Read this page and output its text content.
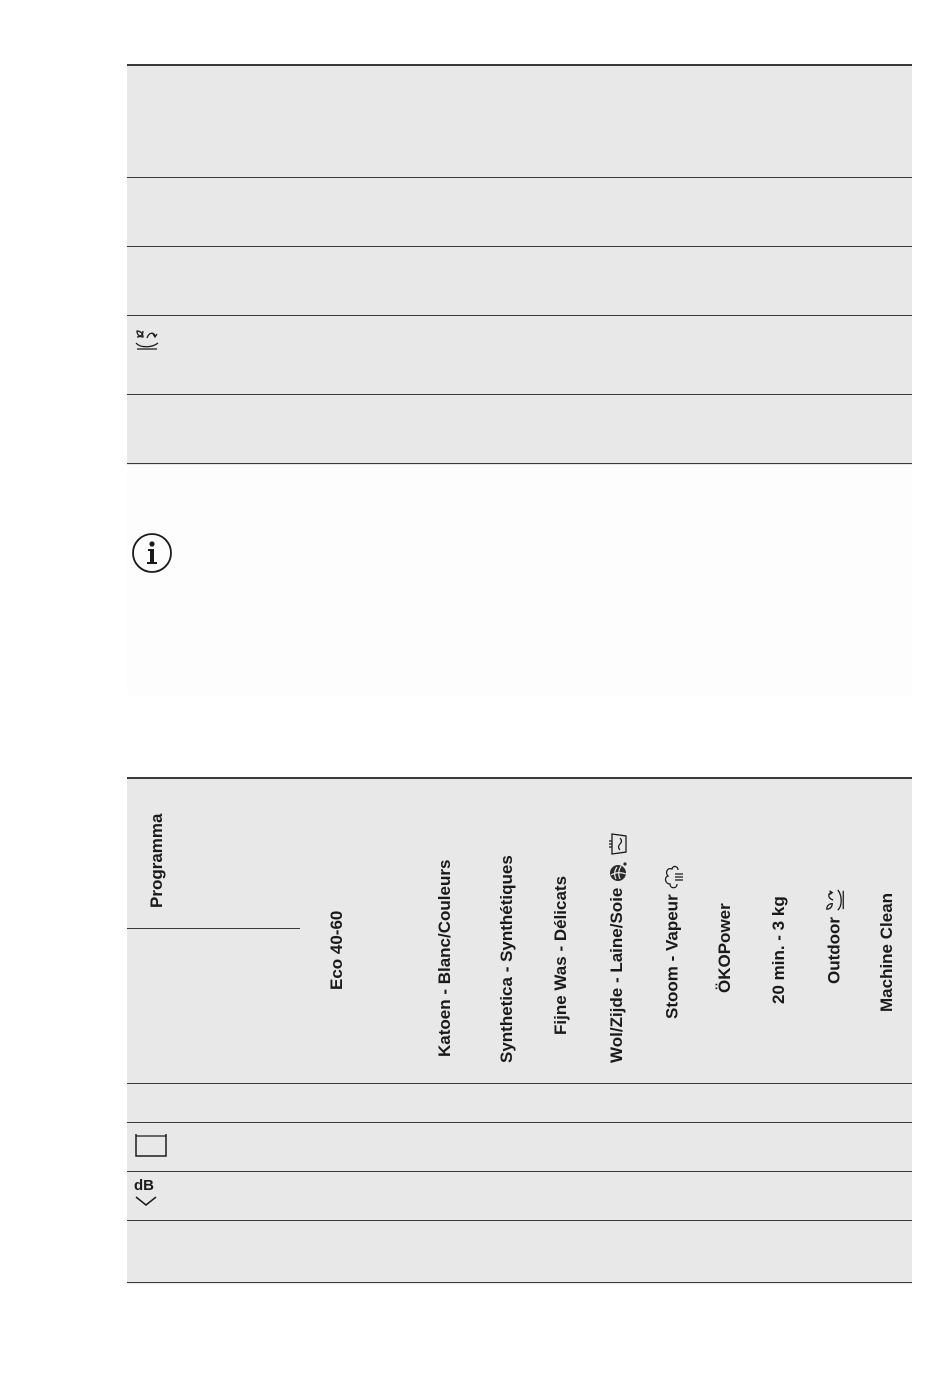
Programma
Eco 40-60	Katoen - Blanc/Couleurs	Synthetica - Synthétiques Fijne Was - Délicats Wol/Zijde - Laine/Soie Stoom - Vapeur ÖKOPower 20 min. - 3 kg Outdoor Machine Clean
dB
